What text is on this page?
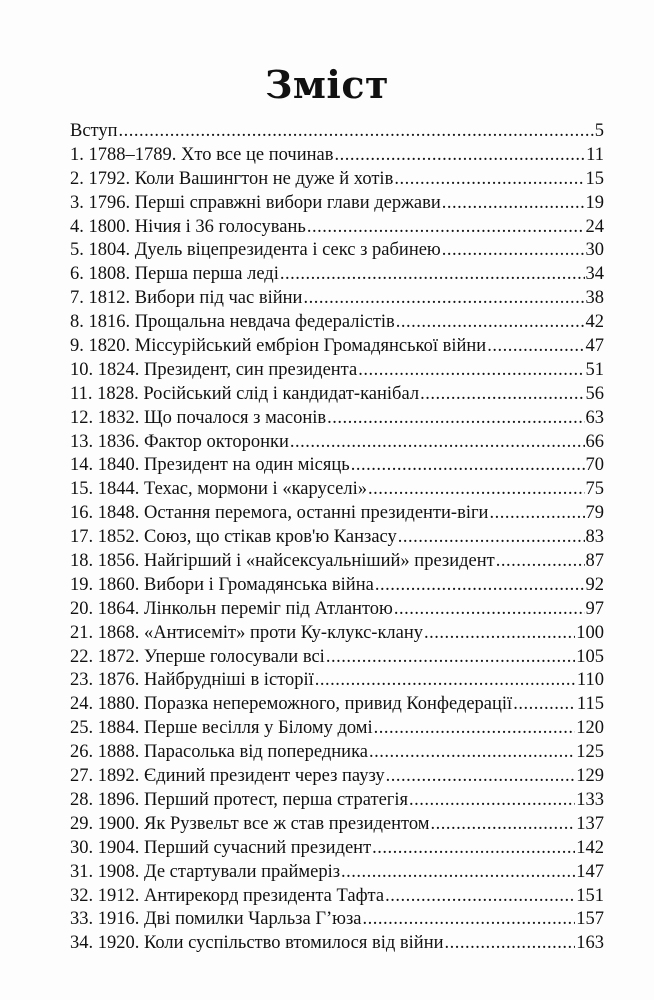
Зміст
Вступ .....	5
1. 1788–1789. Хто все це починав .....	11
2. 1792. Коли Вашингтон не дуже й хотів .....	15
3. 1796. Перші справжні вибори глави держави .....	19
4. 1800. Нічия і 36 голосувань .....	24
5. 1804. Дуель віцепрезидента і секс з рабинею .....	30
6. 1808. Перша перша леді .....	34
7. 1812. Вибори під час війни .....	38
8. 1816. Прощальна невдача федералістів .....	42
9. 1820. Міссурійський ембріон Громадянської війни .....	47
10. 1824. Президент, син президента .....	51
11. 1828. Російський слід і кандидат-канібал .....	56
12. 1832. Що почалося з масонів .....	63
13. 1836. Фактор окторонки .....	66
14. 1840. Президент на один місяць .....	70
15. 1844. Техас, мормони і «каруселі» .....	75
16. 1848. Остання перемога, останні президенти-віги .....	79
17. 1852. Союз, що стікав кров'ю Канзасу .....	83
18. 1856. Найгірший і «найсексуальніший» президент .....	87
19. 1860. Вибори і Громадянська війна .....	92
20. 1864. Лінкольн переміг під Атлантою .....	97
21. 1868. «Антисеміт» проти Ку-клукс-клану .....	100
22. 1872. Уперше голосували всі .....	105
23. 1876. Найбрудніші в історії .....	110
24. 1880. Поразка непереможного, привид Конфедерації .....	115
25. 1884. Перше весілля у Білому домі .....	120
26. 1888. Парасолька від попередника .....	125
27. 1892. Єдиний президент через паузу .....	129
28. 1896. Перший протест, перша стратегія .....	133
29. 1900. Як Рузвельт все ж став президентом .....	137
30. 1904. Перший сучасний президент .....	142
31. 1908. Де стартували праймеріз .....	147
32. 1912. Антирекорд президента Тафта .....	151
33. 1916. Дві помилки Чарльза Гʼюза .....	157
34. 1920. Коли суспільство втомилося від війни .....	163
